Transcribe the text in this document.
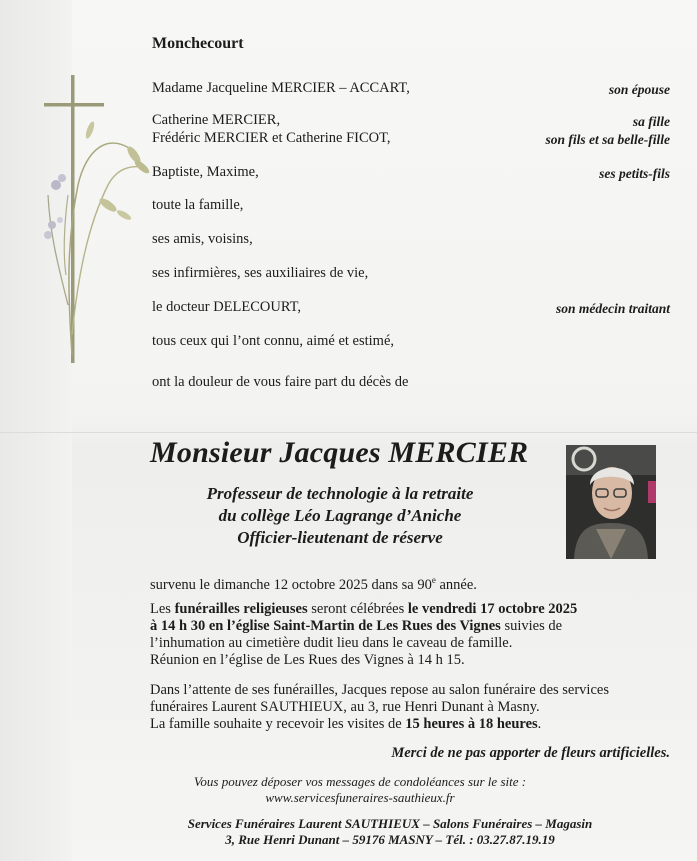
Monchecourt
Madame Jacqueline MERCIER – ACCART,	son épouse
Catherine MERCIER,	sa fille
Frédéric MERCIER et Catherine FICOT,	son fils et sa belle-fille
Baptiste, Maxime,	ses petits-fils
toute la famille,
ses amis, voisins,
ses infirmières, ses auxiliaires de vie,
le docteur DELECOURT,	son médecin traitant
tous ceux qui l’ont connu, aimé et estimé,
ont la douleur de vous faire part du décès de
Monsieur Jacques MERCIER
Professeur de technologie à la retraite
du collège Léo Lagrange d’Aniche
Officier-lieutenant de réserve
survenu le dimanche 12 octobre 2025 dans sa 90e année.
Les funérailles religieuses seront célébrées le vendredi 17 octobre 2025
à 14 h 30 en l’église Saint-Martin de Les Rues des Vignes suivies de
l’inhumation au cimetière dudit lieu dans le caveau de famille.
Réunion en l’église de Les Rues des Vignes à 14 h 15.
Dans l’attente de ses funérailles, Jacques repose au salon funéraire des services
funéraires Laurent SAUTHIEUX, au 3, rue Henri Dunant à Masny.
La famille souhaite y recevoir les visites de 15 heures à 18 heures.
Merci de ne pas apporter de fleurs artificielles.
Vous pouvez déposer vos messages de condoléances sur le site :
www.servicesfuneraires-sauthieux.fr
Services Funéraires Laurent SAUTHIEUX – Salons Funéraires – Magasin
3, Rue Henri Dunant – 59176 MASNY – Tél. : 03.27.87.19.19
